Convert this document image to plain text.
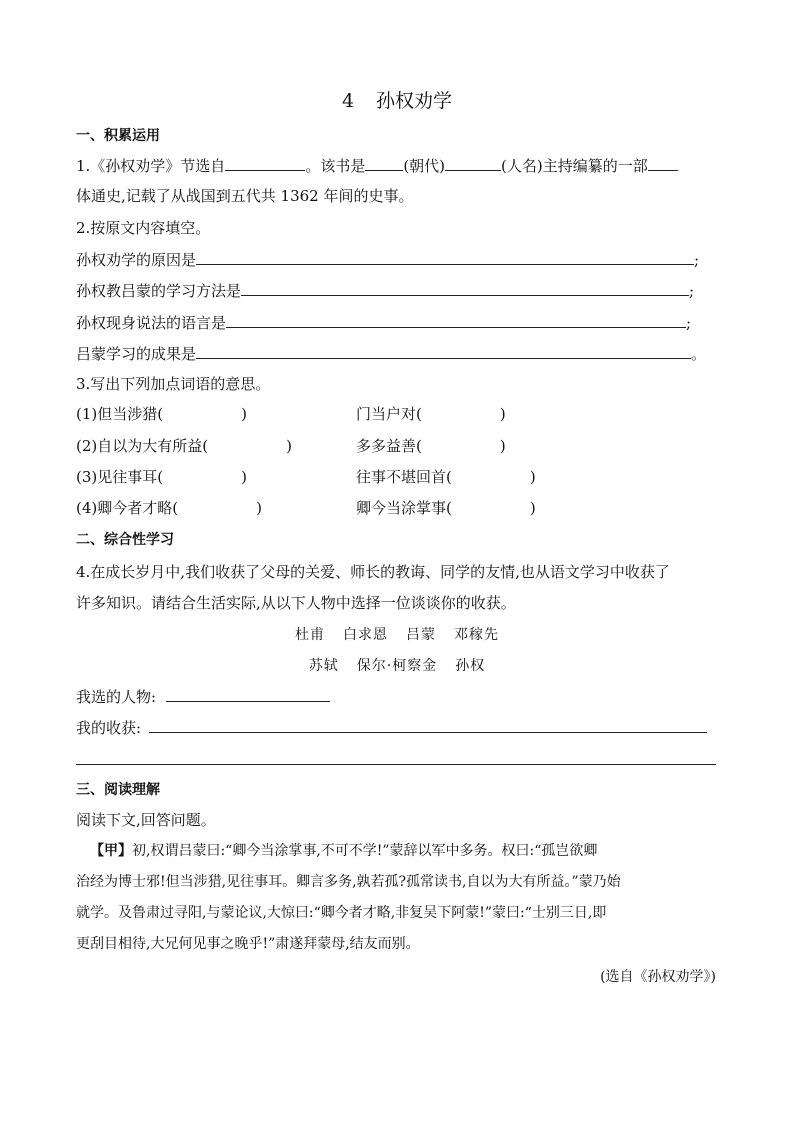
4 孙权劝学
一、积累运用
1.《孙权劝学》节选自	。该书是	(朝代)	(人名)主持编纂的一部
体通史,记载了从战国到五代共 1362 年间的史事。
2.按原文内容填空。
孙权劝学的原因是	;
孙权教吕蒙的学习方法是	;
孙权现身说法的语言是	;
吕蒙学习的成果是	。
3.写出下列加点词语的意思。
(1)但当涉猎(	)	门当户对(	)
(2)自以为大有所益(	)	多多益善(	)
(3)见往事耳(	)	往事不堪回首(	)
(4)卿今者才略(	)	卿今当涂掌事(	)
二、综合性学习
4.在成长岁月中,我们收获了父母的关爱、师长的教诲、同学的友情,也从语文学习中收获了
许多知识。请结合生活实际,从以下人物中选择一位谈谈你的收获。
杜甫 白求恩 吕蒙 邓稼先
苏轼 保尔·柯察金 孙权
我选的人物:
我的收获:
三、阅读理解
阅读下文,回答问题。
【甲】初,权谓吕蒙曰:“卿今当涂掌事,不可不学!”蒙辞以军中多务。权曰:“孤岂欲卿
治经为博士邪!但当涉猎,见往事耳。卿言多务,孰若孤?孤常读书,自以为大有所益。”蒙乃始
就学。及鲁肃过寻阳,与蒙论议,大惊曰:“卿今者才略,非复吴下阿蒙!”蒙曰:“士别三日,即
更刮目相待,大兄何见事之晚乎!”肃遂拜蒙母,结友而别。
(选自《孙权劝学》)
